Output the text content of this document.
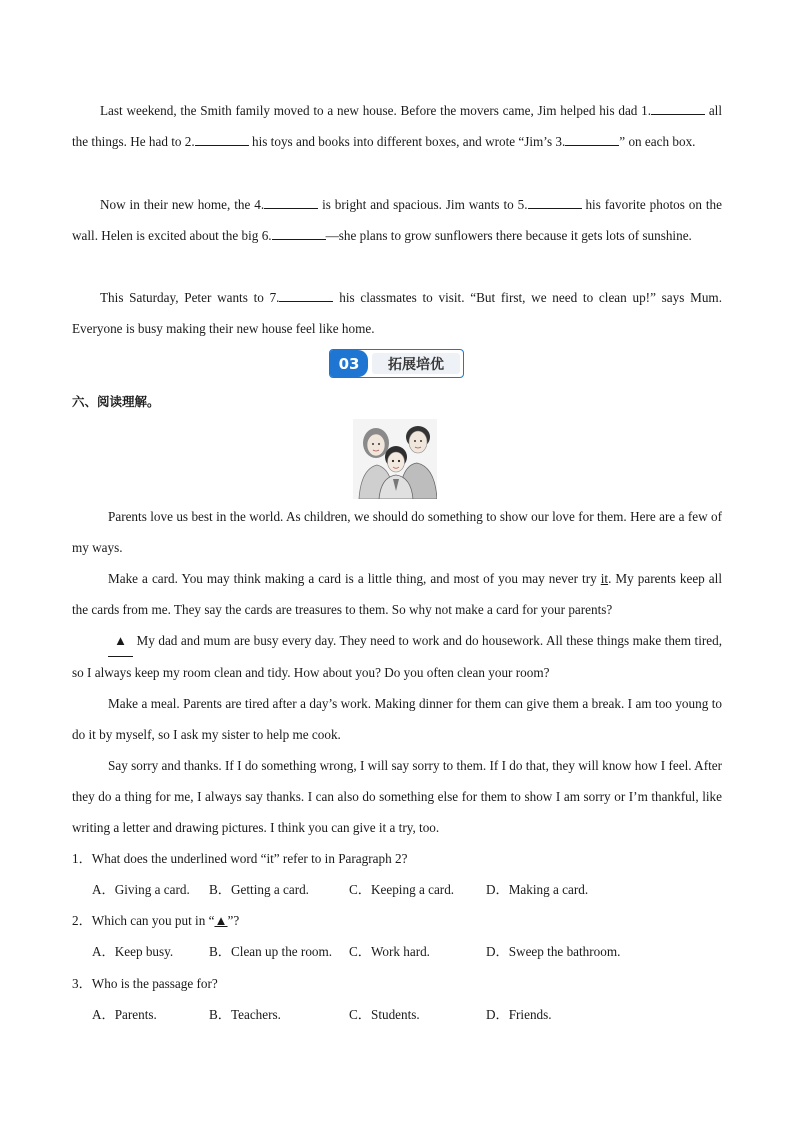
Last weekend, the Smith family moved to a new house. Before the movers came, Jim helped his dad 1.	all the things. He had to 2.	his toys and books into different boxes, and wrote “Jim’s 3.	” on each box.

Now in their new home, the 4.	is bright and spacious. Jim wants to 5.	his favorite photos on the wall. Helen is excited about the big 6.	—she plans to grow sunflowers there because it gets lots of sunshine.

This Saturday, Peter wants to 7.	his classmates to visit. “But first, we need to clean up!” says Mum. Everyone is busy making their new house feel like home.

03	拓展培优
六、阅读理解。

Parents love us best in the world. As children, we should do something to show our love for them. Here are a few of my ways.

Make a card. You may think making a card is a little thing, and most of you may never try it. My parents keep all the cards from me. They say the cards are treasures to them. So why not make a card for your parents?

▲ My dad and mum are busy every day. They need to work and do housework. All these things make them tired, so I always keep my room clean and tidy. How about you? Do you often clean your room?

Make a meal. Parents are tired after a day’s work. Making dinner for them can give them a break. I am too young to do it by myself, so I ask my sister to help me cook.

Say sorry and thanks. If I do something wrong, I will say sorry to them. If I do that, they will know how I feel. After they do a thing for me, I always say thanks. I can also do something else for them to show I am sorry or I’m thankful, like writing a letter and drawing pictures. I think you can give it a try, too.

1．What does the underlined word “it” refer to in Paragraph 2?
A．Giving a card.	B．Getting a card.	C．Keeping a card.	D．Making a card.
2．Which can you put in “▲”?
A．Keep busy.	B．Clean up the room.	C．Work hard.	D．Sweep the bathroom.
3．Who is the passage for?
A．Parents.	B．Teachers.	C．Students.	D．Friends.
